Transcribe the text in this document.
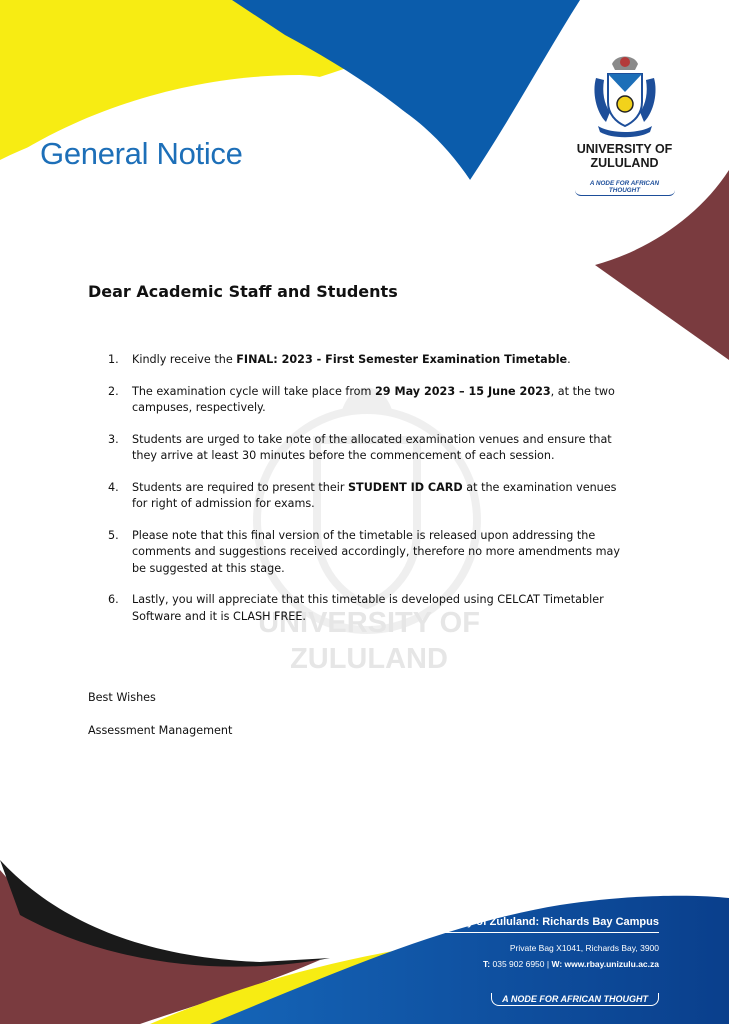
General Notice	UNIVERSITY OF
ZULULAND
A NODE FOR AFRICAN THOUGHT
UNIVERSITY OF
ZULULAND
Dear Academic Staff and Students
1. Kindly receive the FINAL: 2023 - First Semester Examination Timetable.
2. The examination cycle will take place from 29 May 2023 – 15 June 2023, at the two campuses, respectively.
3. Students are urged to take note of the allocated examination venues and ensure that they arrive at least 30 minutes before the commencement of each session.
4. Students are required to present their STUDENT ID CARD at the examination venues for right of admission for exams.
5. Please note that this final version of the timetable is released upon addressing the comments and suggestions received accordingly, therefore no more amendments may be suggested at this stage.
6. Lastly, you will appreciate that this timetable is developed using CELCAT Timetabler Software and it is CLASH FREE.
Best Wishes
Assessment Management
University of Zululand: Richards Bay Campus
Private Bag X1041, Richards Bay, 3900
T: 035 902 6950 | W: www.rbay.unizulu.ac.za
A NODE FOR AFRICAN THOUGHT
